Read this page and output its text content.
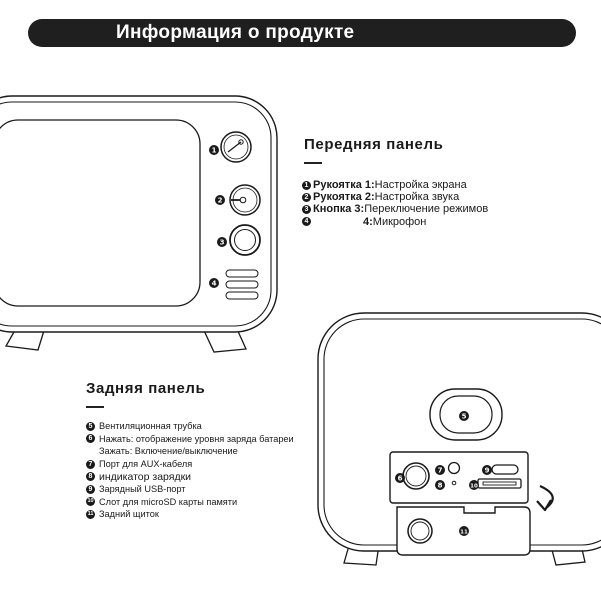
Информация о продукте
1
2
3
4
5
6
7
8
9
10
11
Передняя панель
1 Рукоятка 1: Настройка экрана
2 Рукоятка 2: Настройка звука
3 Кнопка 3: Переключение режимов
4	4: Микрофон
Задняя панель
5 Вентиляционная трубка
6 Нажать: отображение уровня заряда батареи
Зажать: Включение/выключение
7 Порт для AUX-кабеля
8 индикатор зарядки
9 Зарядный USB-порт
10 Слот для microSD карты памяти
11 Задний щиток
